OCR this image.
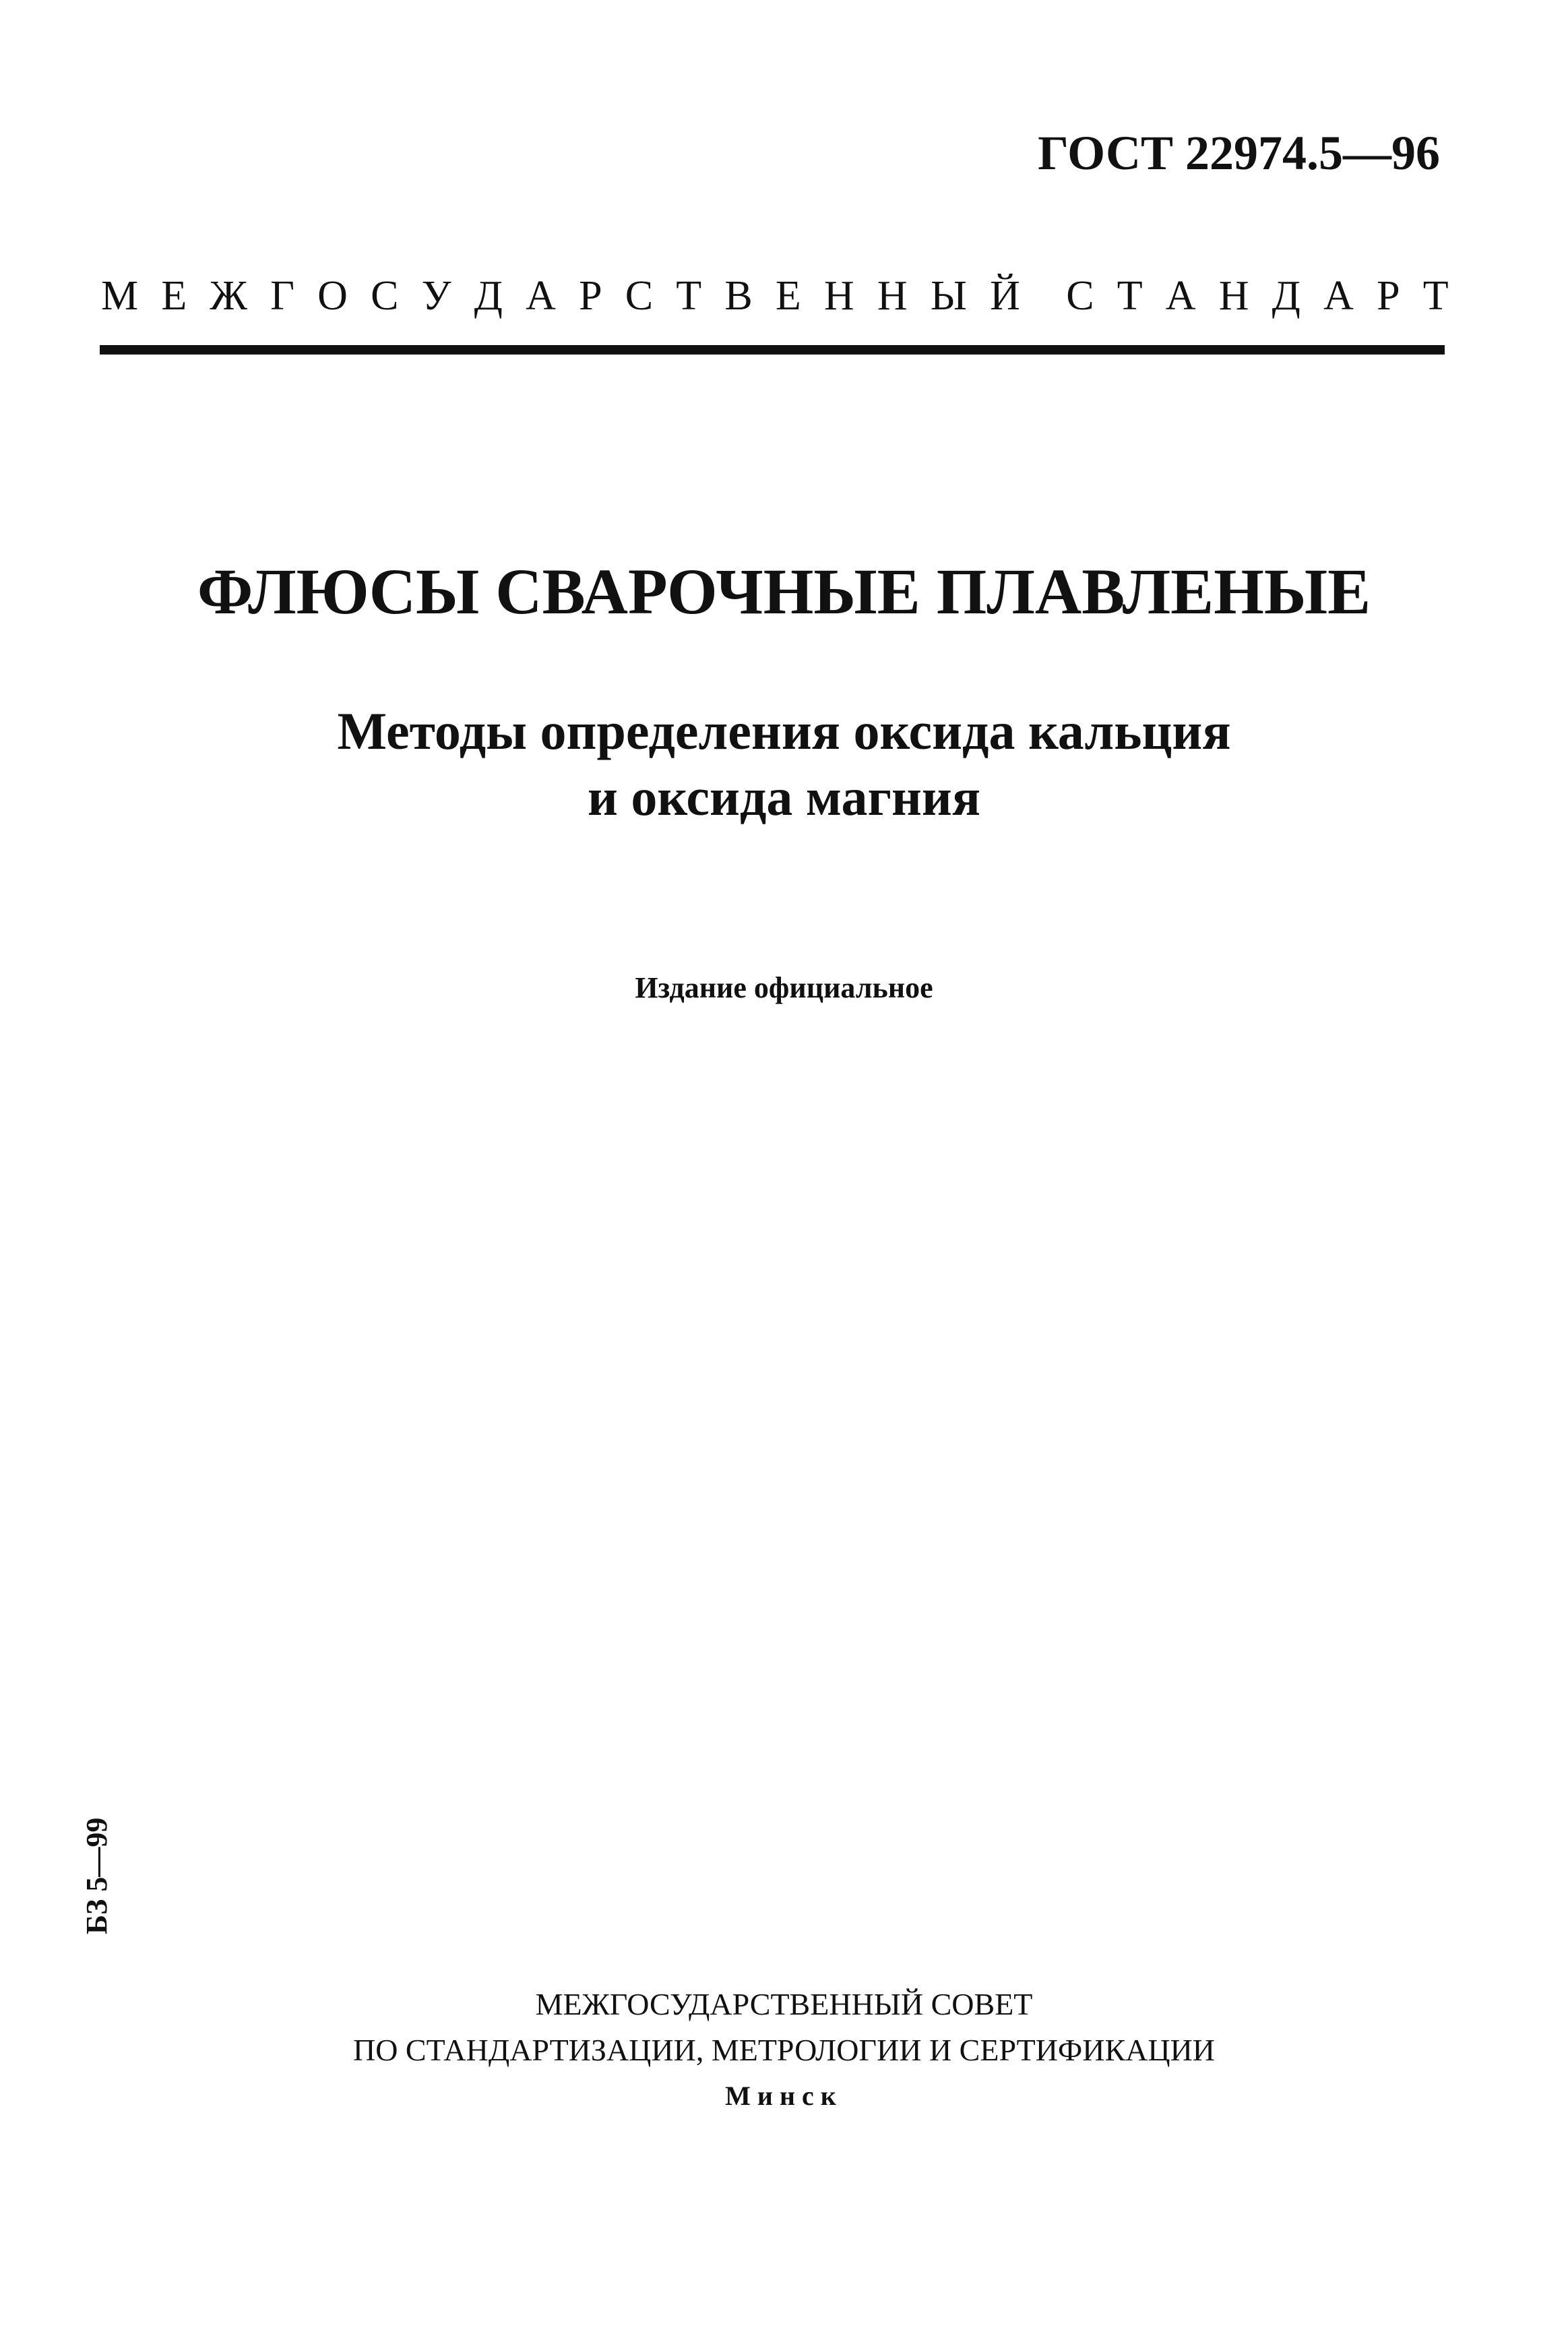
ГОСТ 22974.5—96
М Е Ж Г О С У Д А Р С Т В Е Н Н Ы Й С Т А Н Д А Р Т
ФЛЮСЫ СВАРОЧНЫЕ ПЛАВЛЕНЫЕ
Методы определения оксида кальция
и оксида магния
Издание официальное
БЗ 5—99
МЕЖГОСУДАРСТВЕННЫЙ СОВЕТ
ПО СТАНДАРТИЗАЦИИ, МЕТРОЛОГИИ И СЕРТИФИКАЦИИ
Минск
